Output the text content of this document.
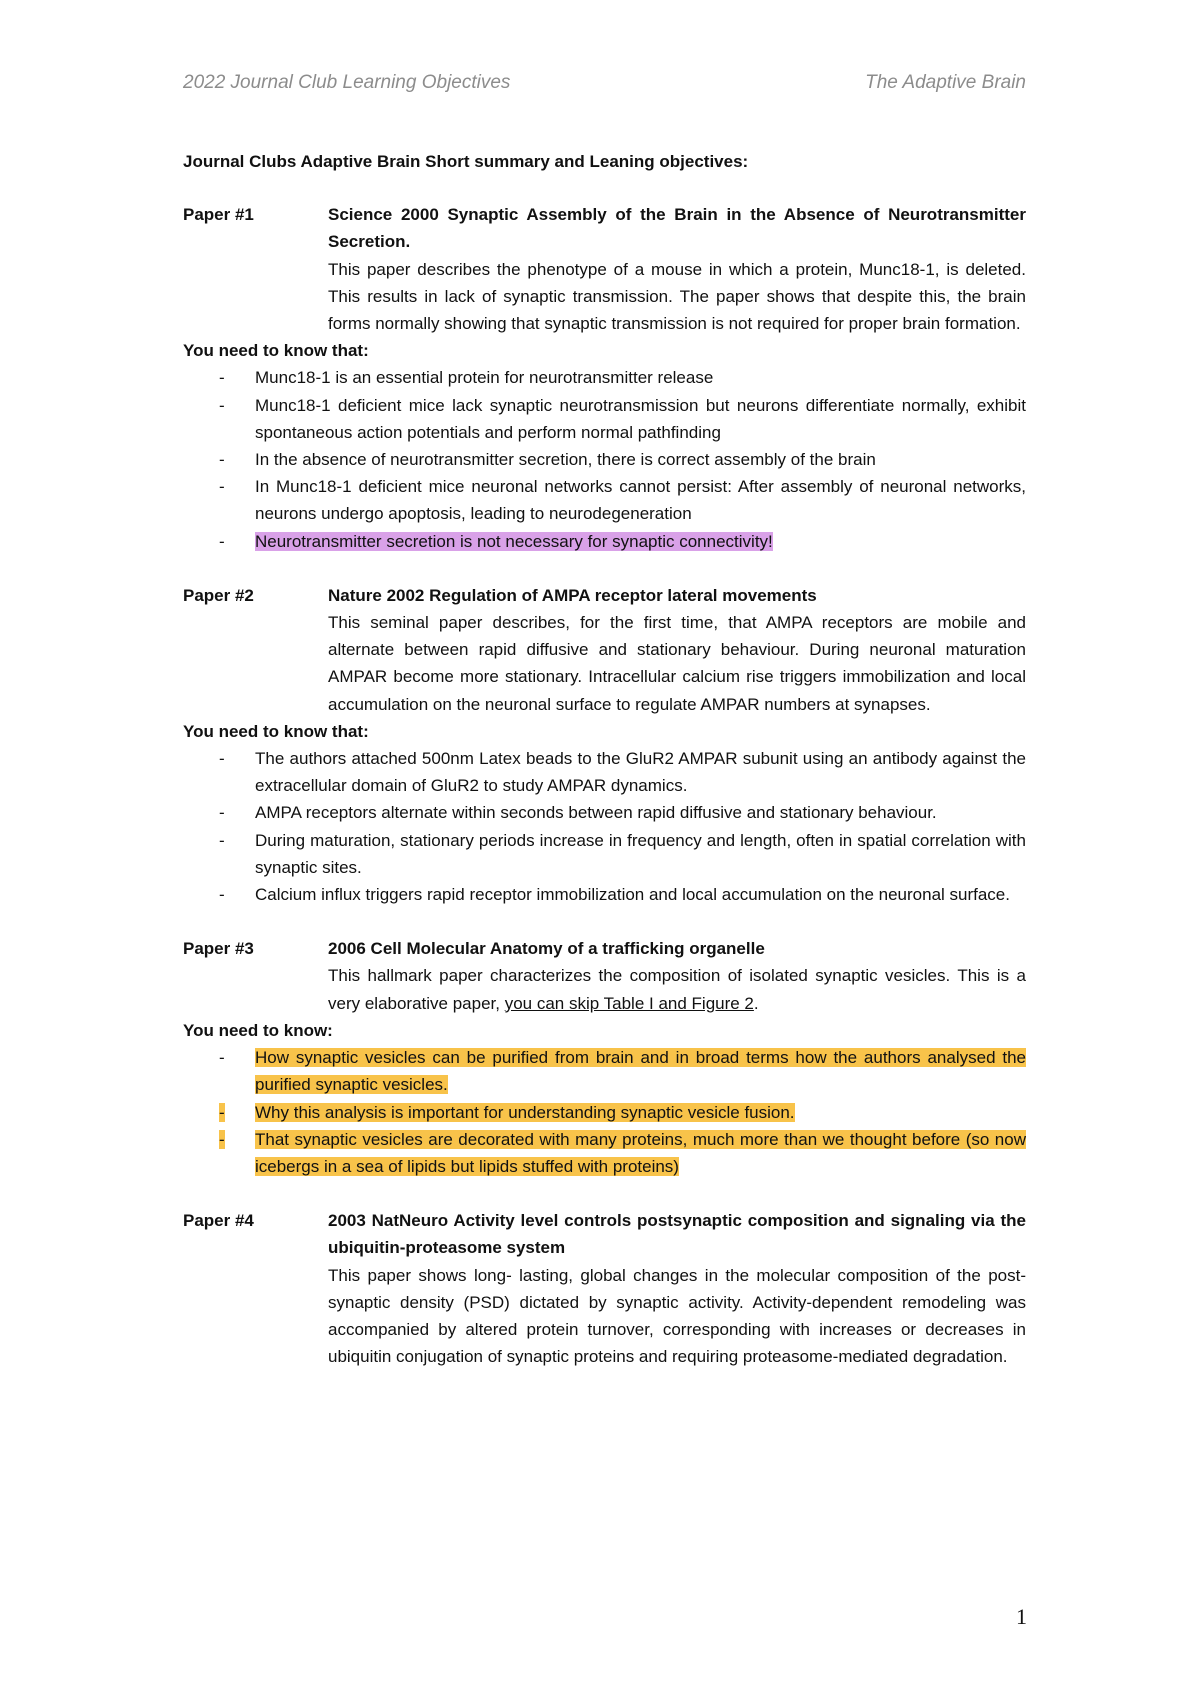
2022 Journal Club Learning Objectives	The Adaptive Brain
Journal Clubs Adaptive Brain Short summary and Leaning objectives:
Paper #1	Science 2000 Synaptic Assembly of the Brain in the Absence of Neurotransmitter Secretion.
This paper describes the phenotype of a mouse in which a protein, Munc18-1, is deleted. This results in lack of synaptic transmission. The paper shows that despite this, the brain forms normally showing that synaptic transmission is not required for proper brain formation.
You need to know that:
-	Munc18-1 is an essential protein for neurotransmitter release
-	Munc18-1 deficient mice lack synaptic neurotransmission but neurons differentiate normally, exhibit spontaneous action potentials and perform normal pathfinding
-	In the absence of neurotransmitter secretion, there is correct assembly of the brain
-	In Munc18-1 deficient mice neuronal networks cannot persist: After assembly of neuronal networks, neurons undergo apoptosis, leading to neurodegeneration
-	Neurotransmitter secretion is not necessary for synaptic connectivity!
Paper #2	Nature 2002 Regulation of AMPA receptor lateral movements
This seminal paper describes, for the first time, that AMPA receptors are mobile and alternate between rapid diffusive and stationary behaviour. During neuronal maturation AMPAR become more stationary. Intracellular calcium rise triggers immobilization and local accumulation on the neuronal surface to regulate AMPAR numbers at synapses.
You need to know that:
-	The authors attached 500nm Latex beads to the GluR2 AMPAR subunit using an antibody against the extracellular domain of GluR2 to study AMPAR dynamics.
-	AMPA receptors alternate within seconds between rapid diffusive and stationary behaviour.
-	During maturation, stationary periods increase in frequency and length, often in spatial correlation with synaptic sites.
-	Calcium influx triggers rapid receptor immobilization and local accumulation on the neuronal surface.
Paper #3	2006 Cell Molecular Anatomy of a trafficking organelle
This hallmark paper characterizes the composition of isolated synaptic vesicles. This is a very elaborative paper, you can skip Table I and Figure 2.
You need to know:
-	How synaptic vesicles can be purified from brain and in broad terms how the authors analysed the purified synaptic vesicles.
-	Why this analysis is important for understanding synaptic vesicle fusion.
-	That synaptic vesicles are decorated with many proteins, much more than we thought before (so now icebergs in a sea of lipids but lipids stuffed with proteins)
Paper #4	2003 NatNeuro Activity level controls postsynaptic composition and signaling via the ubiquitin-proteasome system
This paper shows long- lasting, global changes in the molecular composition of the post-synaptic density (PSD) dictated by synaptic activity. Activity-dependent remodeling was accompanied by altered protein turnover, corresponding with increases or decreases in ubiquitin conjugation of synaptic proteins and requiring proteasome-mediated degradation.
1
